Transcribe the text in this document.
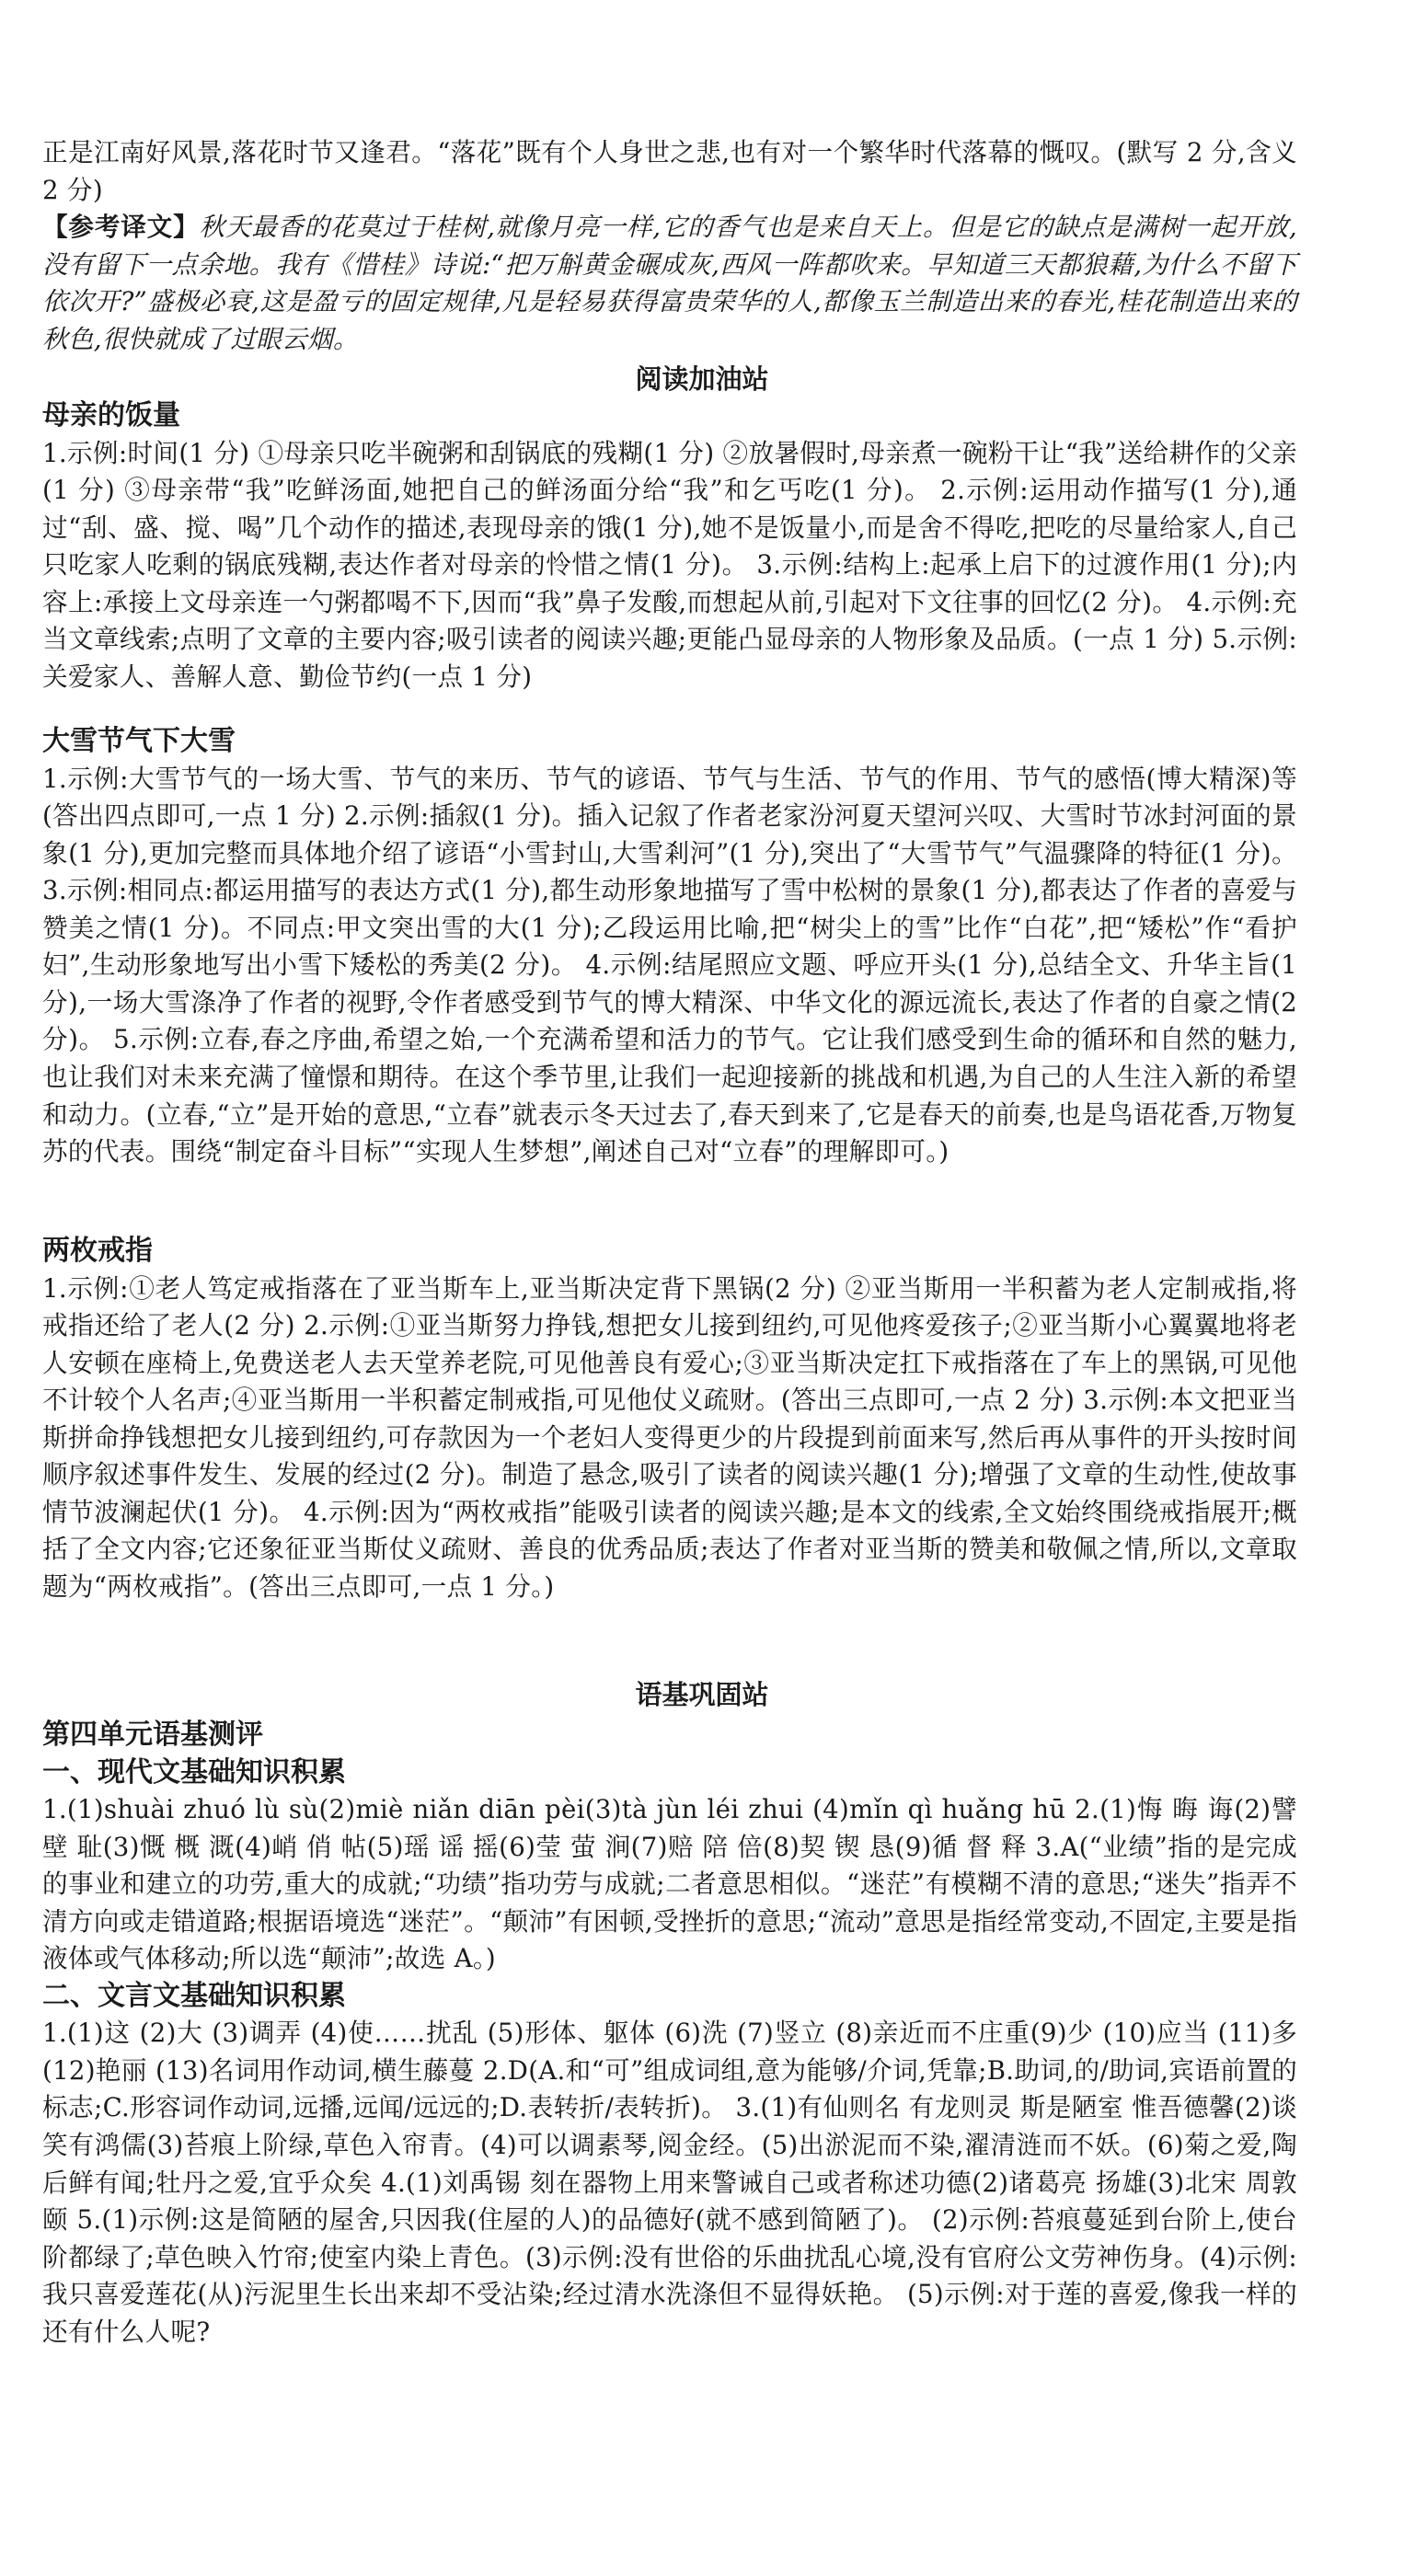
正是江南好风景,落花时节又逢君。“落花”既有个人身世之悲,也有对一个繁华时代落幕的慨叹。(默写 2 分,含义 2 分)

【参考译文】秋天最香的花莫过于桂树,就像月亮一样,它的香气也是来自天上。但是它的缺点是满树一起开放,没有留下一点余地。我有《惜桂》诗说:“把万斛黄金碾成灰,西风一阵都吹来。早知道三天都狼藉,为什么不留下依次开?”盛极必衰,这是盈亏的固定规律,凡是轻易获得富贵荣华的人,都像玉兰制造出来的春光,桂花制造出来的秋色,很快就成了过眼云烟。

阅读加油站
母亲的饭量

1.示例:时间(1 分) ①母亲只吃半碗粥和刮锅底的残糊(1 分) ②放暑假时,母亲煮一碗粉干让“我”送给耕作的父亲(1 分) ③母亲带“我”吃鲜汤面,她把自己的鲜汤面分给“我”和乞丐吃(1 分)。 2.示例:运用动作描写(1 分),通过“刮、盛、搅、喝”几个动作的描述,表现母亲的饿(1 分),她不是饭量小,而是舍不得吃,把吃的尽量给家人,自己只吃家人吃剩的锅底残糊,表达作者对母亲的怜惜之情(1 分)。 3.示例:结构上:起承上启下的过渡作用(1 分);内容上:承接上文母亲连一勺粥都喝不下,因而“我”鼻子发酸,而想起从前,引起对下文往事的回忆(2 分)。 4.示例:充当文章线索;点明了文章的主要内容;吸引读者的阅读兴趣;更能凸显母亲的人物形象及品质。(一点 1 分) 5.示例:关爱家人、善解人意、勤俭节约(一点 1 分)

大雪节气下大雪

1.示例:大雪节气的一场大雪、节气的来历、节气的谚语、节气与生活、节气的作用、节气的感悟(博大精深)等(答出四点即可,一点 1 分) 2.示例:插叙(1 分)。插入记叙了作者老家汾河夏天望河兴叹、大雪时节冰封河面的景象(1 分),更加完整而具体地介绍了谚语“小雪封山,大雪剎河”(1 分),突出了“大雪节气”气温骤降的特征(1 分)。 3.示例:相同点:都运用描写的表达方式(1 分),都生动形象地描写了雪中松树的景象(1 分),都表达了作者的喜爱与赞美之情(1 分)。不同点:甲文突出雪的大(1 分);乙段运用比喻,把“树尖上的雪”比作“白花”,把“矮松”作“看护妇”,生动形象地写出小雪下矮松的秀美(2 分)。 4.示例:结尾照应文题、呼应开头(1 分),总结全文、升华主旨(1 分),一场大雪涤净了作者的视野,令作者感受到节气的博大精深、中华文化的源远流长,表达了作者的自豪之情(2 分)。 5.示例:立春,春之序曲,希望之始,一个充满希望和活力的节气。它让我们感受到生命的循环和自然的魅力,也让我们对未来充满了憧憬和期待。在这个季节里,让我们一起迎接新的挑战和机遇,为自己的人生注入新的希望和动力。(立春,“立”是开始的意思,“立春”就表示冬天过去了,春天到来了,它是春天的前奏,也是鸟语花香,万物复苏的代表。围绕“制定奋斗目标”“实现人生梦想”,阐述自己对“立春”的理解即可。)

两枚戒指

1.示例:①老人笃定戒指落在了亚当斯车上,亚当斯决定背下黑锅(2 分) ②亚当斯用一半积蓄为老人定制戒指,将戒指还给了老人(2 分) 2.示例:①亚当斯努力挣钱,想把女儿接到纽约,可见他疼爱孩子;②亚当斯小心翼翼地将老人安顿在座椅上,免费送老人去天堂养老院,可见他善良有爱心;③亚当斯决定扛下戒指落在了车上的黑锅,可见他不计较个人名声;④亚当斯用一半积蓄定制戒指,可见他仗义疏财。(答出三点即可,一点 2 分) 3.示例:本文把亚当斯拼命挣钱想把女儿接到纽约,可存款因为一个老妇人变得更少的片段提到前面来写,然后再从事件的开头按时间顺序叙述事件发生、发展的经过(2 分)。制造了悬念,吸引了读者的阅读兴趣(1 分);增强了文章的生动性,使故事情节波澜起伏(1 分)。 4.示例:因为“两枚戒指”能吸引读者的阅读兴趣;是本文的线索,全文始终围绕戒指展开;概括了全文内容;它还象征亚当斯仗义疏财、善良的优秀品质;表达了作者对亚当斯的赞美和敬佩之情,所以,文章取题为“两枚戒指”。(答出三点即可,一点 1 分。)

语基巩固站
第四单元语基测评
一、现代文基础知识积累

1.(1)shuài zhuó lù sù(2)miè niǎn diān pèi(3)tà jùn léi zhui (4)mǐn qì huǎng hū 2.(1)悔 晦 诲(2)譬 壁 耻(3)慨 概 溉(4)峭 俏 帖(5)瑶 谣 摇(6)莹 萤 涧(7)赔 陪 倍(8)契 锲 恳(9)循 督 释 3.A(“业绩”指的是完成的事业和建立的功劳,重大的成就;“功绩”指功劳与成就;二者意思相似。“迷茫”有模糊不清的意思;“迷失”指弄不清方向或走错道路;根据语境选“迷茫”。“颠沛”有困顿,受挫折的意思;“流动”意思是指经常变动,不固定,主要是指液体或气体移动;所以选“颠沛”;故选 A。)

二、文言文基础知识积累

1.(1)这 (2)大 (3)调弄 (4)使……扰乱 (5)形体、躯体 (6)洗 (7)竖立 (8)亲近而不庄重(9)少 (10)应当 (11)多 (12)艳丽 (13)名词用作动词,横生藤蔓 2.D(A.和“可”组成词组,意为能够/介词,凭靠;B.助词,的/助词,宾语前置的标志;C.形容词作动词,远播,远闻/远远的;D.表转折/表转折)。 3.(1)有仙则名 有龙则灵 斯是陋室 惟吾德馨(2)谈笑有鸿儒(3)苔痕上阶绿,草色入帘青。(4)可以调素琴,阅金经。(5)出淤泥而不染,濯清涟而不妖。(6)菊之爱,陶后鲜有闻;牡丹之爱,宜乎众矣 4.(1)刘禹锡 刻在器物上用来警诫自己或者称述功德(2)诸葛亮 扬雄(3)北宋 周敦颐 5.(1)示例:这是简陋的屋舍,只因我(住屋的人)的品德好(就不感到简陋了)。 (2)示例:苔痕蔓延到台阶上,使台阶都绿了;草色映入竹帘;使室内染上青色。(3)示例:没有世俗的乐曲扰乱心境,没有官府公文劳神伤身。(4)示例:我只喜爱莲花(从)污泥里生长出来却不受沾染;经过清水洗涤但不显得妖艳。 (5)示例:对于莲的喜爱,像我一样的还有什么人呢?
